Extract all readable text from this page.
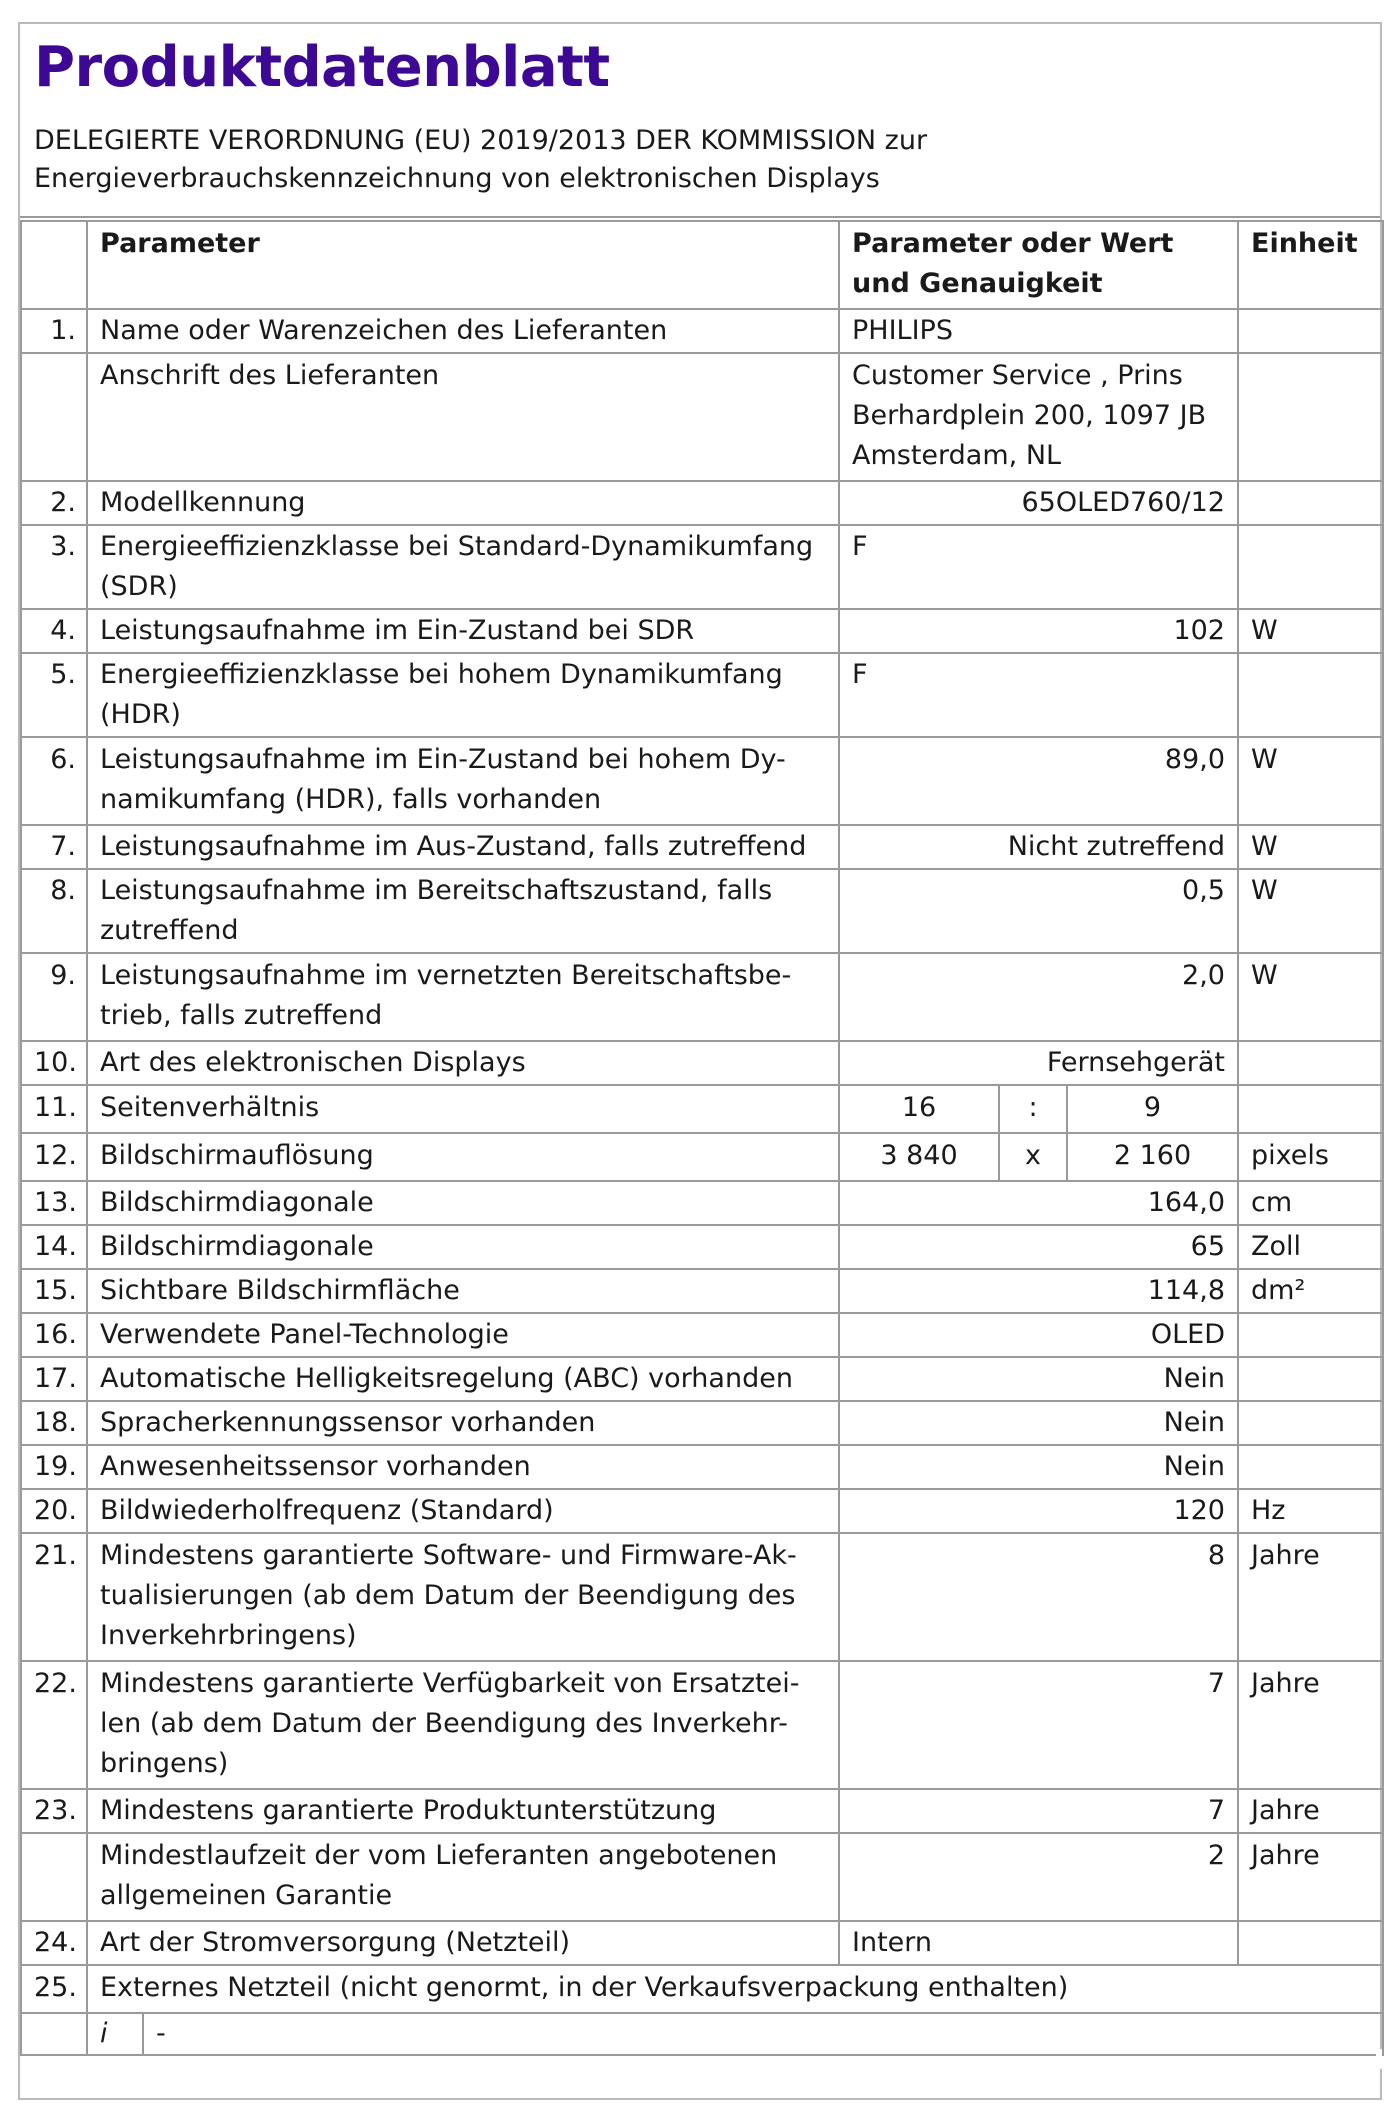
Produktdatenblatt
DELEGIERTE VERORDNUNG (EU) 2019/2013 DER KOMMISSION zur
Energieverbrauchskennzeichnung von elektronischen Displays
	Parameter	Parameter oder Wert und Genauigkeit			Einheit
1.	Name oder Warenzeichen des Lieferanten	PHILIPS			
	Anschrift des Lieferanten	Customer Service , Prins Berhardplein 200, 1097 JB Amsterdam, NL			
2.	Modellkennung	65OLED760/12			
3.	Energieeffizienzklasse bei Standard-Dynamikumfang (SDR)	F			
4.	Leistungsaufnahme im Ein-Zustand bei SDR	102			W
5.	Energieeffizienzklasse bei hohem Dynamikumfang (HDR)	F			
6.	Leistungsaufnahme im Ein-Zustand bei hohem Dy-namikumfang (HDR), falls vorhanden	89,0			W
7.	Leistungsaufnahme im Aus-Zustand, falls zutreffend	Nicht zutreffend			W
8.	Leistungsaufnahme im Bereitschaftszustand, falls zutreffend	0,5			W
9.	Leistungsaufnahme im vernetzten Bereitschaftsbe-trieb, falls zutreffend	2,0			W
10.	Art des elektronischen Displays	Fernsehgerät			
11.	Seitenverhältnis	16	:	9	
12.	Bildschirmauflösung	3 840	x	2 160	pixels
13.	Bildschirmdiagonale	164,0			cm
14.	Bildschirmdiagonale	65			Zoll
15.	Sichtbare Bildschirmfläche	114,8			dm²
16.	Verwendete Panel-Technologie	OLED			
17.	Automatische Helligkeitsregelung (ABC) vorhanden	Nein			
18.	Spracherkennungssensor vorhanden	Nein			
19.	Anwesenheitssensor vorhanden	Nein			
20.	Bildwiederholfrequenz (Standard)	120			Hz
21.	Mindestens garantierte Software- und Firmware-Ak-tualisierungen (ab dem Datum der Beendigung des Inverkehrbringens)	8			Jahre
22.	Mindestens garantierte Verfügbarkeit von Ersatztei-len (ab dem Datum der Beendigung des Inverkehr-bringens)	7			Jahre
23.	Mindestens garantierte Produktunterstützung	7			Jahre
	Mindestlaufzeit der vom Lieferanten angebotenen allgemeinen Garantie	2			Jahre
24.	Art der Stromversorgung (Netzteil)	Intern			
25.	Externes Netzteil (nicht genormt, in der Verkaufsverpackung enthalten)				

	i -				
